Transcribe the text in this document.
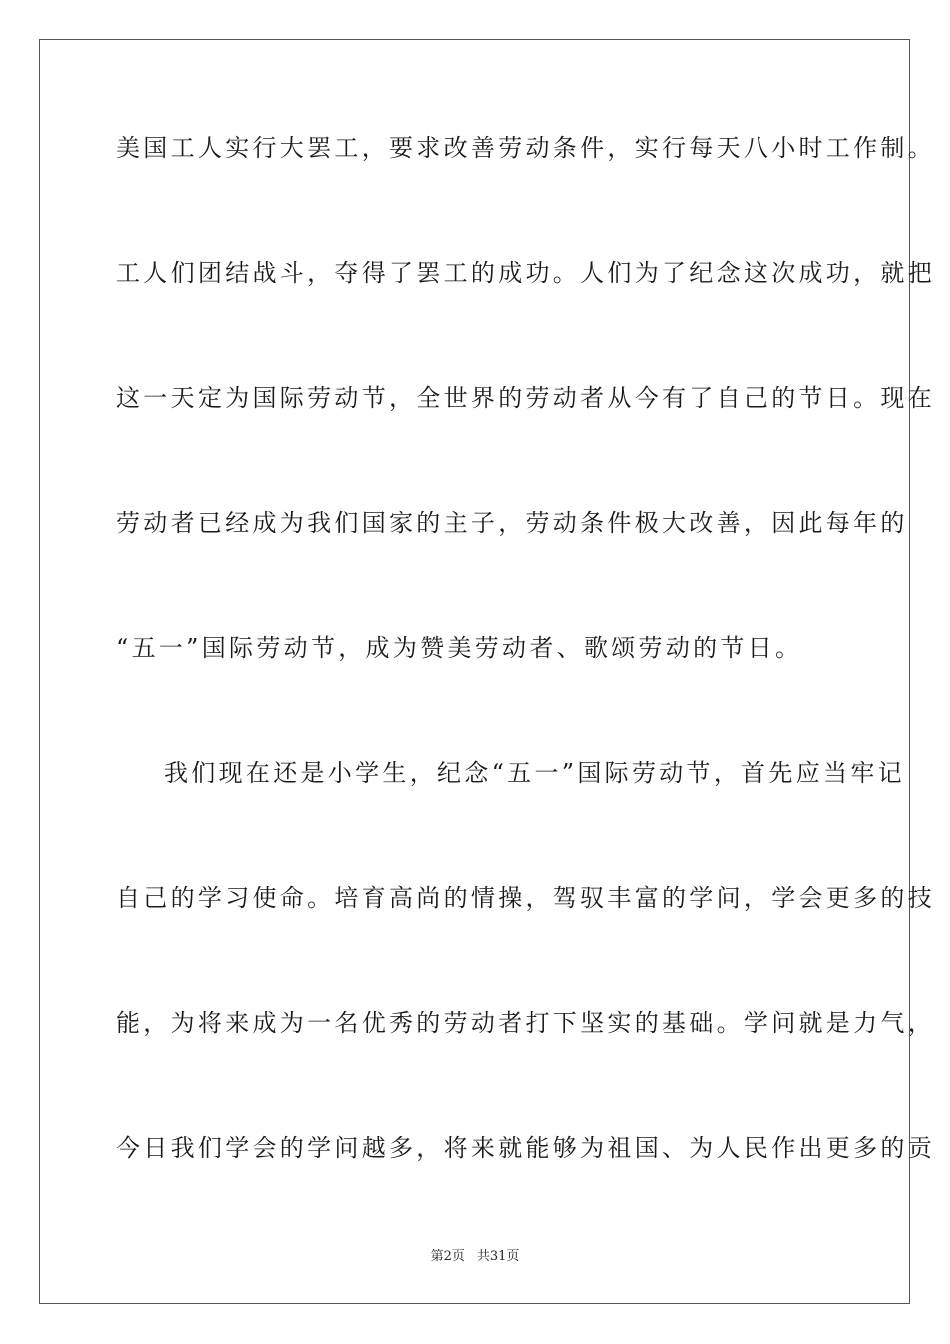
美国工人实行大罢工，要求改善劳动条件，实行每天八小时工作制。
工人们团结战斗，夺得了罢工的成功。人们为了纪念这次成功，就把
这一天定为国际劳动节，全世界的劳动者从今有了自己的节日。现在
劳动者已经成为我们国家的主子，劳动条件极大改善，因此每年的
“五一”国际劳动节，成为赞美劳动者、歌颂劳动的节日。
我们现在还是小学生，纪念“五一”国际劳动节，首先应当牢记
自己的学习使命。培育高尚的情操，驾驭丰富的学问，学会更多的技
能，为将来成为一名优秀的劳动者打下坚实的基础。学问就是力气，
今日我们学会的学问越多，将来就能够为祖国、为人民作出更多的贡
第2页 共31页
